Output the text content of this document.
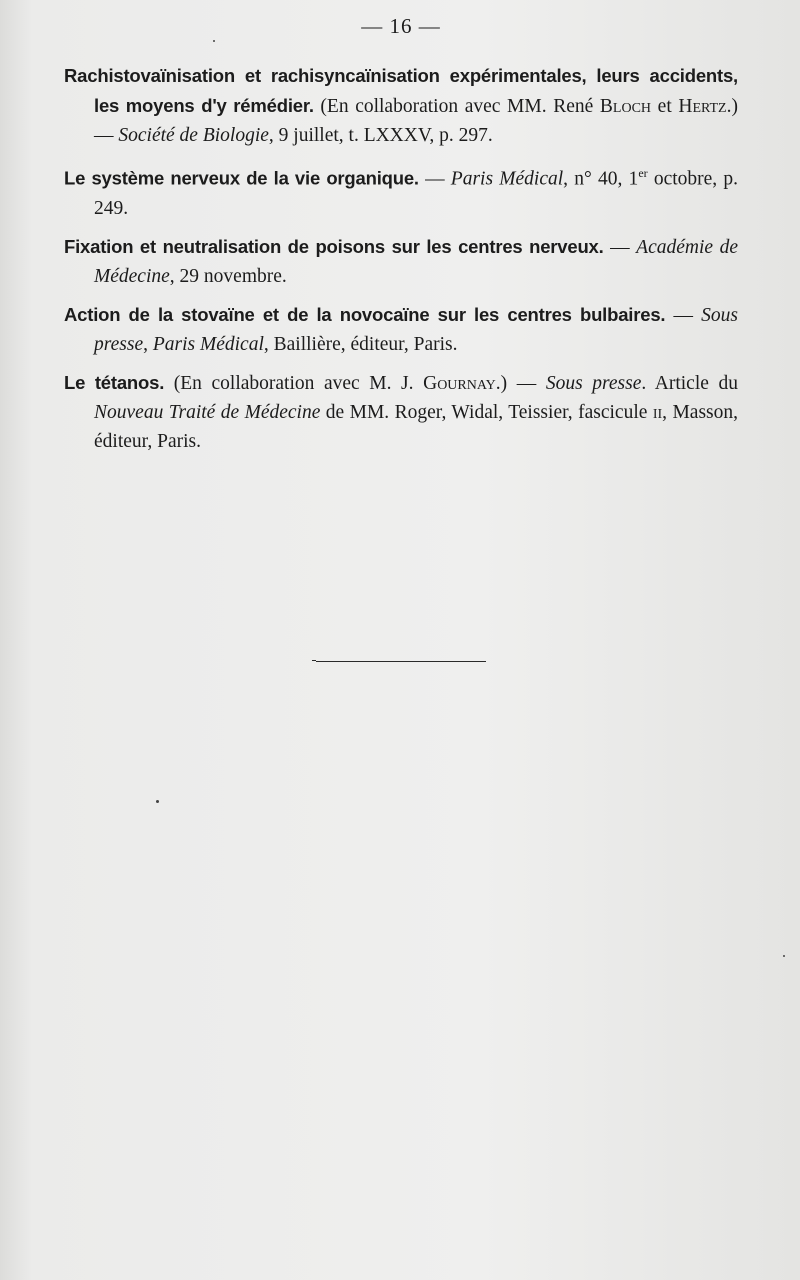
— 16 —

Rachistovaïnisation et rachisyncaïnisation expérimentales, leurs accidents, les moyens d'y rémédier. (En collaboration avec MM. René Bloch et Hertz.) — Société de Biologie, 9 juillet, t. LXXXV, p. 297.

Le système nerveux de la vie organique. — Paris Médical, n° 40, 1er octobre, p. 249.

Fixation et neutralisation de poisons sur les centres nerveux. — Académie de Médecine, 29 novembre.

Action de la stovaïne et de la novocaïne sur les centres bulbaires. — Sous presse, Paris Médical, Baillière, éditeur, Paris.

Le tétanos. (En collaboration avec M. J. Gournay.) — Sous presse. Article du Nouveau Traité de Médecine de MM. Roger, Widal, Teissier, fascicule ii, Masson, éditeur, Paris.
